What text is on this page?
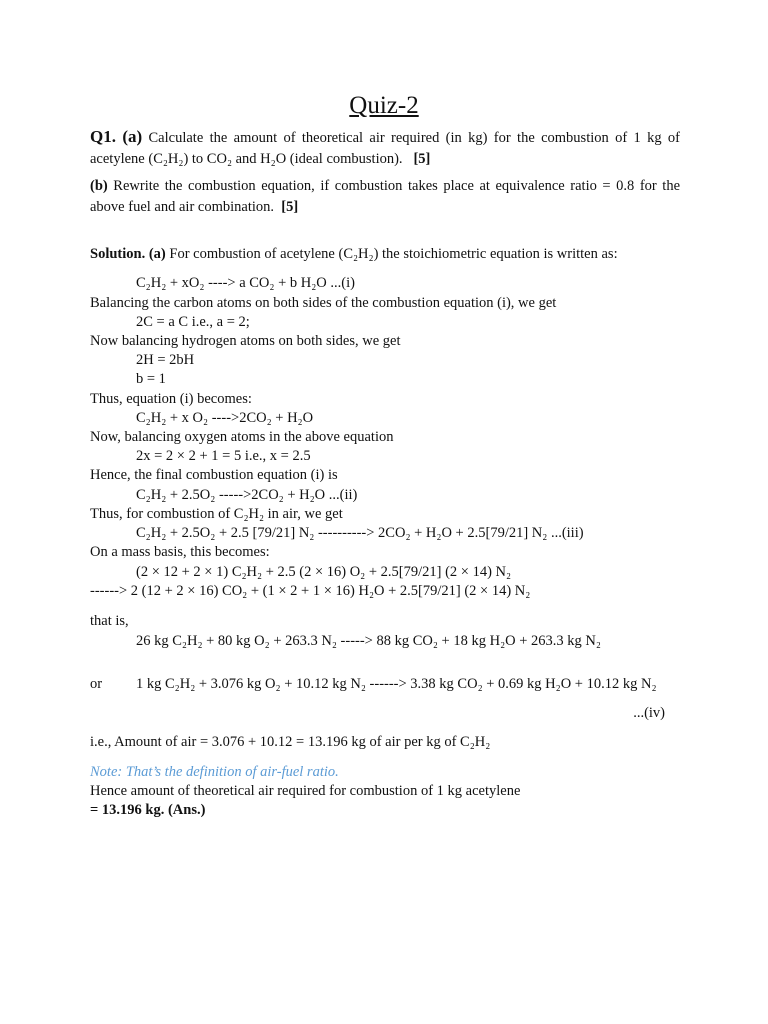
Quiz-2
Q1. (a) Calculate the amount of theoretical air required (in kg) for the combustion of 1 kg of acetylene (C₂H₂) to CO₂ and H₂O (ideal combustion). [5]
(b) Rewrite the combustion equation, if combustion takes place at equivalence ratio = 0.8 for the above fuel and air combination. [5]
Solution. (a) For combustion of acetylene (C₂H₂) the stoichiometric equation is written as:
C₂H₂ + xO₂ ----> a CO₂ + b H₂O ...(i)
Balancing the carbon atoms on both sides of the combustion equation (i), we get
2C = a C i.e., a = 2;
Now balancing hydrogen atoms on both sides, we get
2H = 2bH
b = 1
Thus, equation (i) becomes:
C₂H₂ + x O₂ ---->2CO₂ + H₂O
Now, balancing oxygen atoms in the above equation
2x = 2 × 2 + 1 = 5 i.e., x = 2.5
Hence, the final combustion equation (i) is
C₂H₂ + 2.5O₂ ----->2CO₂ + H₂O ...(ii)
Thus, for combustion of C₂H₂ in air, we get
C₂H₂ + 2.5O₂ + 2.5 [79/21] N₂ ----------> 2CO₂ + H₂O + 2.5[79/21] N₂ ...(iii)
On a mass basis, this becomes:
(2 × 12 + 2 × 1) C₂H₂ + 2.5 (2 × 16) O₂ + 2.5[79/21] (2 × 14) N₂
------> 2 (12 + 2 × 16) CO₂ + (1 × 2 + 1 × 16) H₂O + 2.5[79/21] (2 × 14) N₂
that is,
26 kg C₂H₂ + 80 kg O₂ + 263.3 N₂ -----> 88 kg CO₂ + 18 kg H₂O + 263.3 kg N₂
or 1 kg C₂H₂ + 3.076 kg O₂ + 10.12 kg N₂ ------> 3.38 kg CO₂ + 0.69 kg H₂O + 10.12 kg N₂
...(iv)
i.e., Amount of air = 3.076 + 10.12 = 13.196 kg of air per kg of C₂H₂
Note: That’s the definition of air-fuel ratio.
Hence amount of theoretical air required for combustion of 1 kg acetylene
= 13.196 kg. (Ans.)
